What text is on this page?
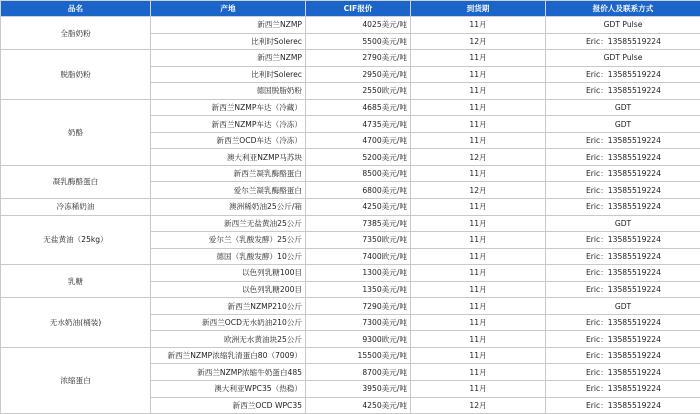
品名	产地	CIF报价	到货期	报价人及联系方式
全脂奶粉	新西兰NZMP	4025美元/吨	11月	GDT Pulse
	比利时Solerec	5500美元/吨	12月	Eric：13585519224
脱脂奶粉	新西兰NZMP	2790美元/吨	11月	GDT Pulse
	比利时Solerec	2950美元/吨	11月	Eric：13585519224
	德国脱脂奶粉	2550欧元/吨	11月	Eric：13585519224
奶酪	新西兰NZMP车达（冷藏）	4685美元/吨	11月	GDT
	新西兰NZMP车达（冷冻）	4735美元/吨	11月	GDT
	新西兰OCD车达（冷冻）	4700美元/吨	11月	Eric：13585519224
	澳大利亚NZMP马苏块	5200美元/吨	12月	Eric：13585519224
凝乳酶酪蛋白	新西兰凝乳酶酪蛋白	8500美元/吨	11月	Eric：13585519224
	爱尔兰凝乳酶酪蛋白	6800美元/吨	12月	Eric：13585519224
冷冻稀奶油	澳洲稀奶油25公斤/箱	4250美元/吨	11月	Eric：13585519224
无盐黄油（25kg）	新西兰无盐黄油25公斤	7385美元/吨	11月	GDT
	爱尔兰（乳酸发酵）25公斤	7350欧元/吨	11月	Eric：13585519224
	德国（乳酸发酵）10公斤	7400欧元/吨	11月	Eric：13585519224
乳糖	以色列乳糖100目	1300美元/吨	11月	Eric：13585519224
	以色列乳糖200目	1350美元/吨	11月	Eric：13585519224
无水奶油(桶装)	新西兰NZMP210公斤	7290美元/吨	11月	GDT
	新西兰OCD无水奶油210公斤	7300美元/吨	11月	Eric：13585519224
	欧洲无水黄油块25公斤	9300欧元/吨	11月	Eric：13585519224
浓缩蛋白	新西兰NZMP浓缩乳清蛋白80（7009）	15500美元/吨	11月	Eric：13585519224
	新西兰NZMP浓缩牛奶蛋白485	8700美元/吨	11月	Eric：13585519224
	澳大利亚WPC35（热稳）	3950美元/吨	11月	Eric：13585519224
	新西兰OCD WPC35	4250美元/吨	12月	Eric：13585519224
